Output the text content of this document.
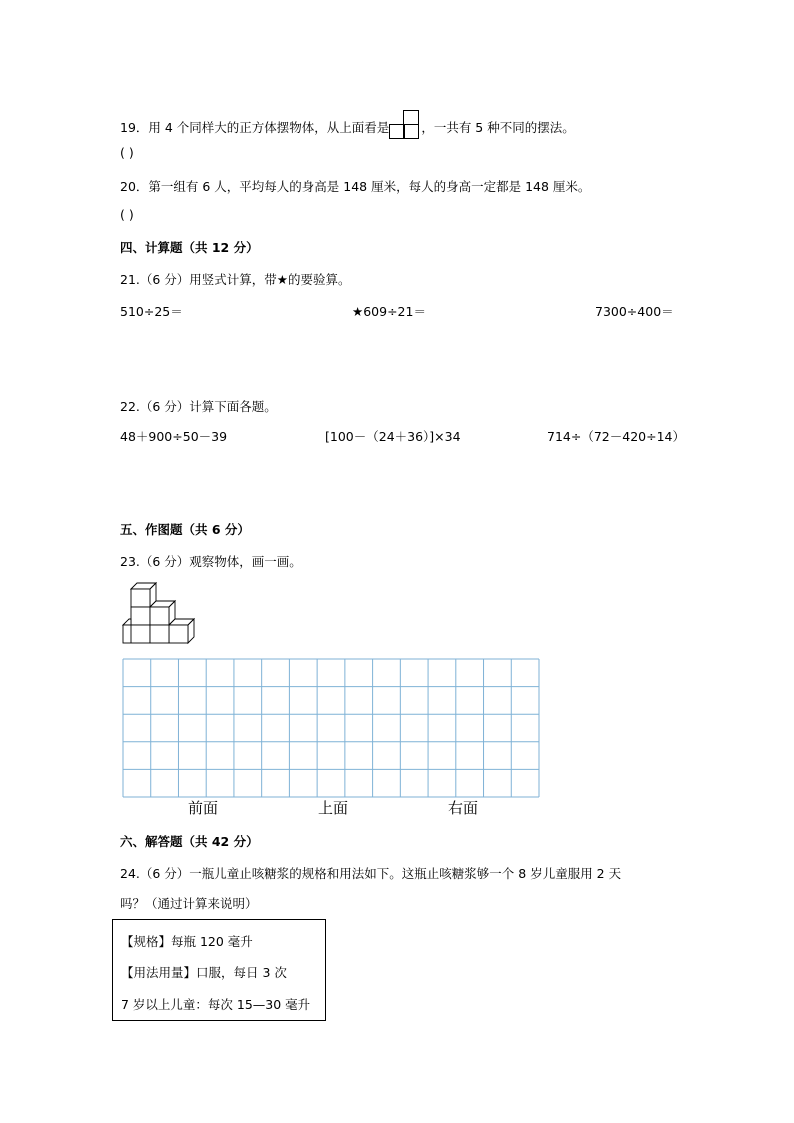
19．用 4 个同样大的正方体摆物体，从上面看是	，一共有 5 种不同的摆法。
( )
20．第一组有 6 人，平均每人的身高是 148 厘米，每人的身高一定都是 148 厘米。
( )
四、计算题（共 12 分）
21.（6 分）用竖式计算，带★的要验算。
510÷25＝	★609÷21＝	7300÷400＝
22.（6 分）计算下面各题。
48＋900÷50－39	[100－（24＋36）]×34	714÷（72－420÷14）
五、作图题（共 6 分）
23.（6 分）观察物体，画一画。
前面	上面	右面
六、解答题（共 42 分）
24.（6 分）一瓶儿童止咳糖浆的规格和用法如下。这瓶止咳糖浆够一个 8 岁儿童服用 2 天
吗？（通过计算来说明）
【规格】每瓶 120 毫升
【用法用量】口服，每日 3 次
7 岁以上儿童：每次 15—30 毫升
